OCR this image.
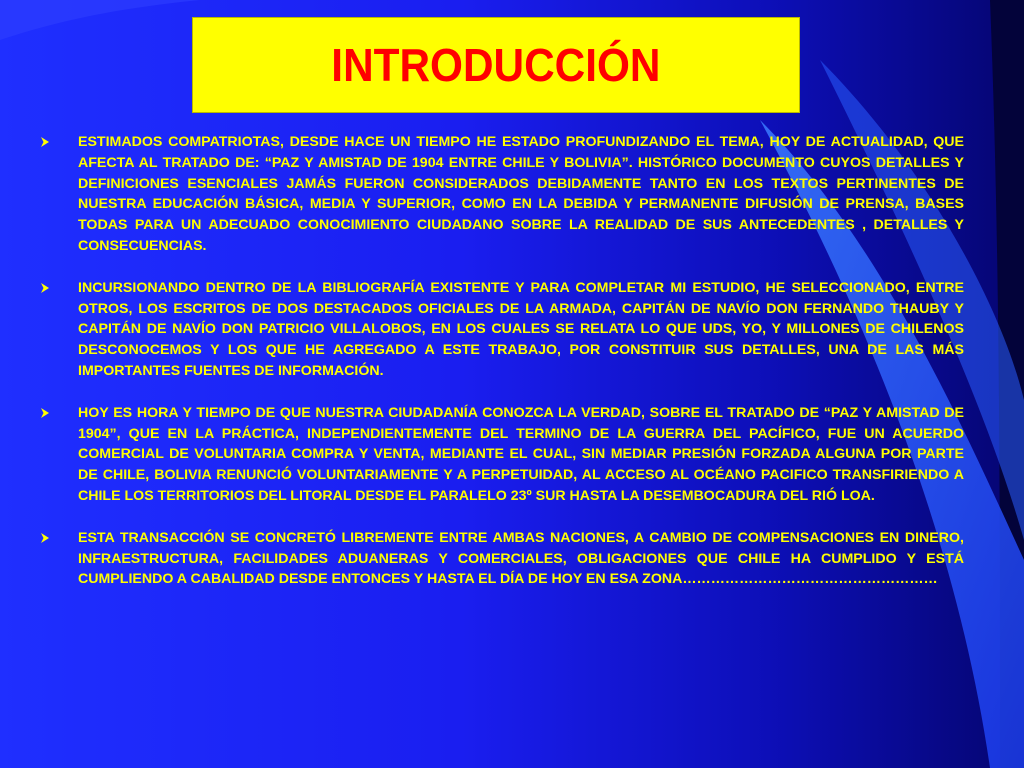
INTRODUCCIÓN
ESTIMADOS COMPATRIOTAS, DESDE HACE UN TIEMPO HE ESTADO PROFUNDIZANDO EL TEMA, HOY DE ACTUALIDAD, QUE AFECTA AL TRATADO DE: “PAZ Y AMISTAD DE 1904 ENTRE CHILE Y BOLIVIA”. HISTÓRICO DOCUMENTO CUYOS DETALLES Y DEFINICIONES ESENCIALES JAMÁS FUERON CONSIDERADOS DEBIDAMENTE TANTO EN LOS TEXTOS PERTINENTES DE NUESTRA EDUCACIÓN BÁSICA, MEDIA Y SUPERIOR, COMO EN LA DEBIDA Y PERMANENTE DIFUSIÓN DE PRENSA, BASES TODAS PARA UN ADECUADO CONOCIMIENTO CIUDADANO SOBRE LA REALIDAD DE SUS ANTECEDENTES , DETALLES Y CONSECUENCIAS.
INCURSIONANDO DENTRO DE LA BIBLIOGRAFÍA EXISTENTE Y PARA COMPLETAR MI ESTUDIO, HE SELECCIONADO, ENTRE OTROS, LOS ESCRITOS DE DOS DESTACADOS OFICIALES DE LA ARMADA, CAPITÁN DE NAVÍO DON FERNANDO THAUBY Y CAPITÁN DE NAVÍO DON PATRICIO VILLALOBOS, EN LOS CUALES SE RELATA LO QUE UDS, YO, Y MILLONES DE CHILENOS DESCONOCEMOS Y LOS QUE HE AGREGADO A ESTE TRABAJO, POR CONSTITUIR SUS DETALLES, UNA DE LAS MÁS IMPORTANTES FUENTES DE INFORMACIÓN.
HOY ES HORA Y TIEMPO DE QUE NUESTRA CIUDADANÍA CONOZCA LA VERDAD, SOBRE EL TRATADO DE “PAZ Y AMISTAD DE 1904”, QUE EN LA PRÁCTICA, INDEPENDIENTEMENTE DEL TERMINO DE LA GUERRA DEL PACÍFICO, FUE UN ACUERDO COMERCIAL DE VOLUNTARIA COMPRA Y VENTA, MEDIANTE EL CUAL, SIN MEDIAR PRESIÓN FORZADA ALGUNA POR PARTE DE CHILE, BOLIVIA RENUNCIÓ VOLUNTARIAMENTE Y A PERPETUIDAD, AL ACCESO AL OCÉANO PACIFICO TRANSFIRIENDO A CHILE LOS TERRITORIOS DEL LITORAL DESDE EL PARALELO 23º SUR HASTA LA DESEMBOCADURA DEL RIÓ LOA.
ESTA TRANSACCIÓN SE CONCRETÓ LIBREMENTE ENTRE AMBAS NACIONES, A CAMBIO DE COMPENSACIONES EN DINERO, INFRAESTRUCTURA, FACILIDADES ADUANERAS Y COMERCIALES, OBLIGACIONES QUE CHILE HA CUMPLIDO Y ESTÁ CUMPLIENDO A CABALIDAD DESDE ENTONCES Y HASTA EL DÍA DE HOY EN ESA ZONA………………………………………………
